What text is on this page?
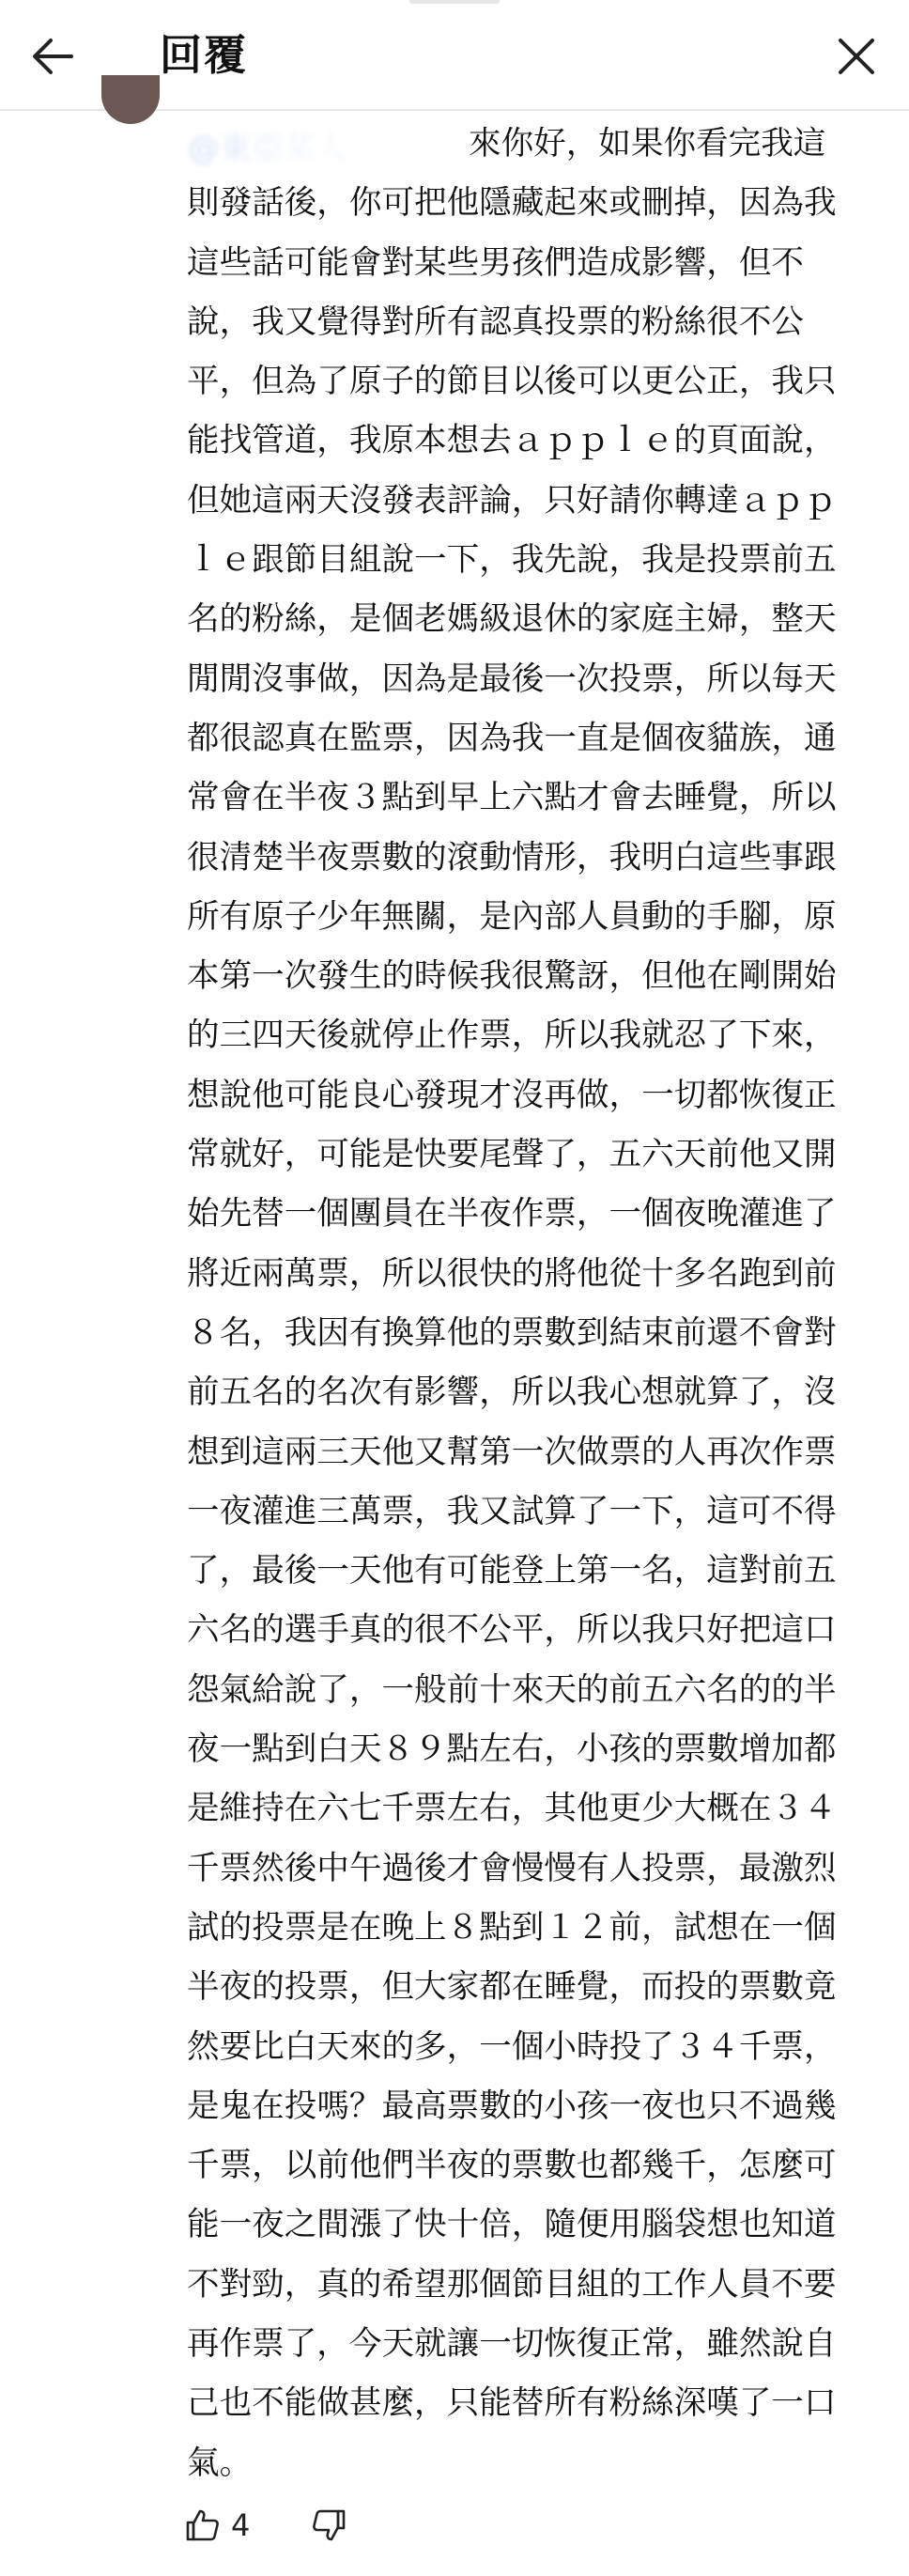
回覆
來你好，如果你看完我這
則發話後，你可把他隱藏起來或刪掉，因為我
這些話可能會對某些男孩們造成影響，但不
說，我又覺得對所有認真投票的粉絲很不公
平，但為了原子的節目以後可以更公正，我只
能找管道，我原本想去ａｐｐｌｅ的頁面說，
但她這兩天沒發表評論，只好請你轉達ａｐｐ
ｌｅ跟節目組說一下，我先說，我是投票前五
名的粉絲，是個老媽級退休的家庭主婦，整天
閒閒沒事做，因為是最後一次投票，所以每天
都很認真在監票，因為我一直是個夜貓族，通
常會在半夜３點到早上六點才會去睡覺，所以
很清楚半夜票數的滾動情形，我明白這些事跟
所有原子少年無關，是內部人員動的手腳，原
本第一次發生的時候我很驚訝，但他在剛開始
的三四天後就停止作票，所以我就忍了下來，
想說他可能良心發現才沒再做，一切都恢復正
常就好，可能是快要尾聲了，五六天前他又開
始先替一個團員在半夜作票，一個夜晚灌進了
將近兩萬票，所以很快的將他從十多名跑到前
８名，我因有換算他的票數到結束前還不會對
前五名的名次有影響，所以我心想就算了，沒
想到這兩三天他又幫第一次做票的人再次作票
一夜灌進三萬票，我又試算了一下，這可不得
了，最後一天他有可能登上第一名，這對前五
六名的選手真的很不公平，所以我只好把這口
怨氣給說了，一般前十來天的前五六名的的半
夜一點到白天８９點左右，小孩的票數增加都
是維持在六七千票左右，其他更少大概在３４
千票然後中午過後才會慢慢有人投票，最激烈
試的投票是在晚上８點到１２前，試想在一個
半夜的投票，但大家都在睡覺，而投的票數竟
然要比白天來的多，一個小時投了３４千票，
是鬼在投嗎？最高票數的小孩一夜也只不過幾
千票，以前他們半夜的票數也都幾千，怎麼可
能一夜之間漲了快十倍，隨便用腦袋想也知道
不對勁，真的希望那個節目組的工作人員不要
再作票了，今天就讓一切恢復正常，雖然說自
己也不能做甚麼，只能替所有粉絲深嘆了一口
氣。
4
